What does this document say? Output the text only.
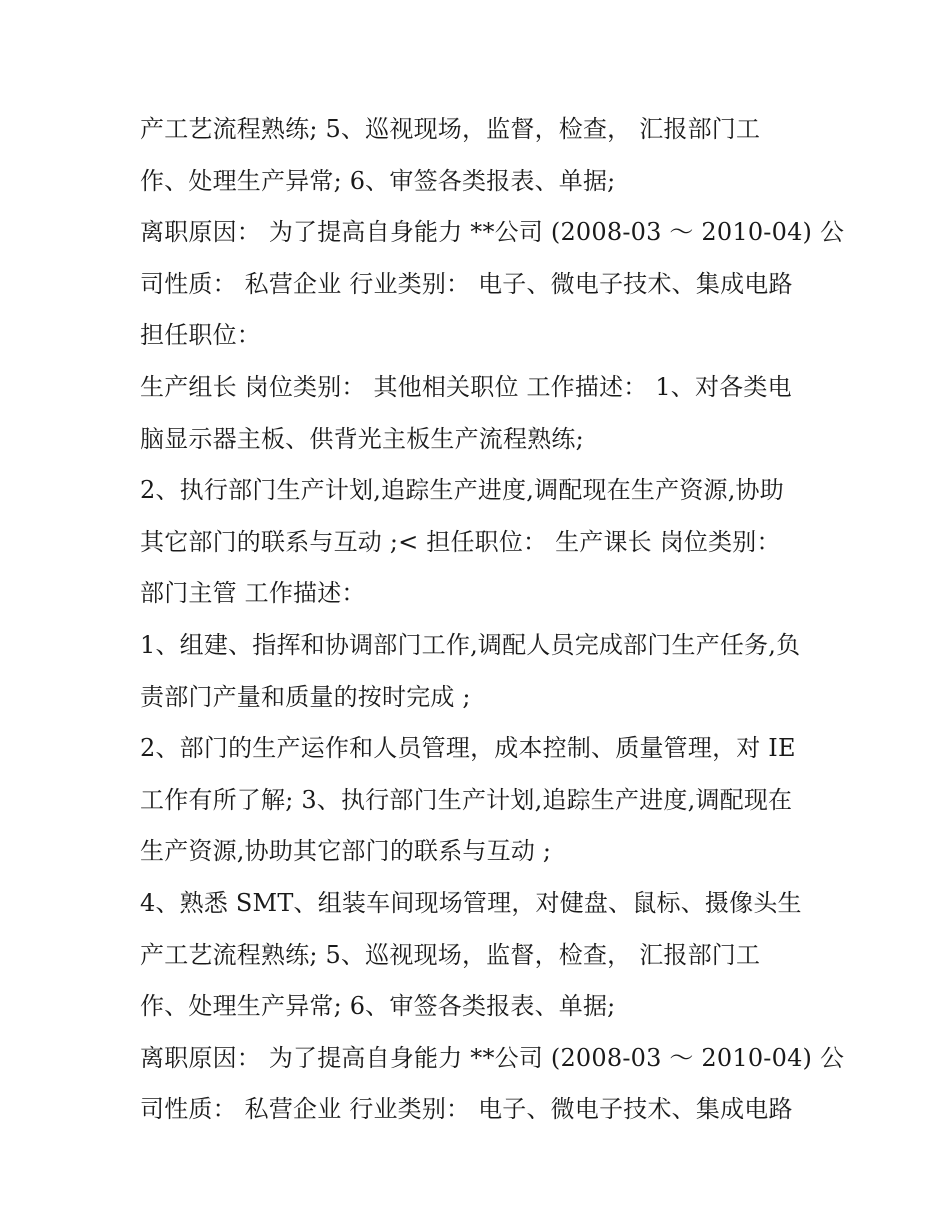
产工艺流程熟练; 5、巡视现场，监督，检查， 汇报部门工
作、处理生产异常; 6、审签各类报表、单据;
离职原因： 为了提高自身能力 **公司 (2008-03 ～ 2010-04) 公
司性质： 私营企业 行业类别： 电子、微电子技术、集成电路
担任职位：
生产组长 岗位类别： 其他相关职位 工作描述： 1、对各类电
脑显示器主板、供背光主板生产流程熟练;
2、执行部门生产计划,追踪生产进度,调配现在生产资源,协助
其它部门的联系与互动 ;< 担任职位： 生产课长 岗位类别：
部门主管 工作描述：
1、组建、指挥和协调部门工作,调配人员完成部门生产任务,负
责部门产量和质量的按时完成 ;
2、部门的生产运作和人员管理，成本控制、质量管理，对 IE
工作有所了解; 3、执行部门生产计划,追踪生产进度,调配现在
生产资源,协助其它部门的联系与互动 ;
4、熟悉 SMT、组装车间现场管理，对健盘、鼠标、摄像头生
产工艺流程熟练; 5、巡视现场，监督，检查， 汇报部门工
作、处理生产异常; 6、审签各类报表、单据;
离职原因： 为了提高自身能力 **公司 (2008-03 ～ 2010-04) 公
司性质： 私营企业 行业类别： 电子、微电子技术、集成电路
